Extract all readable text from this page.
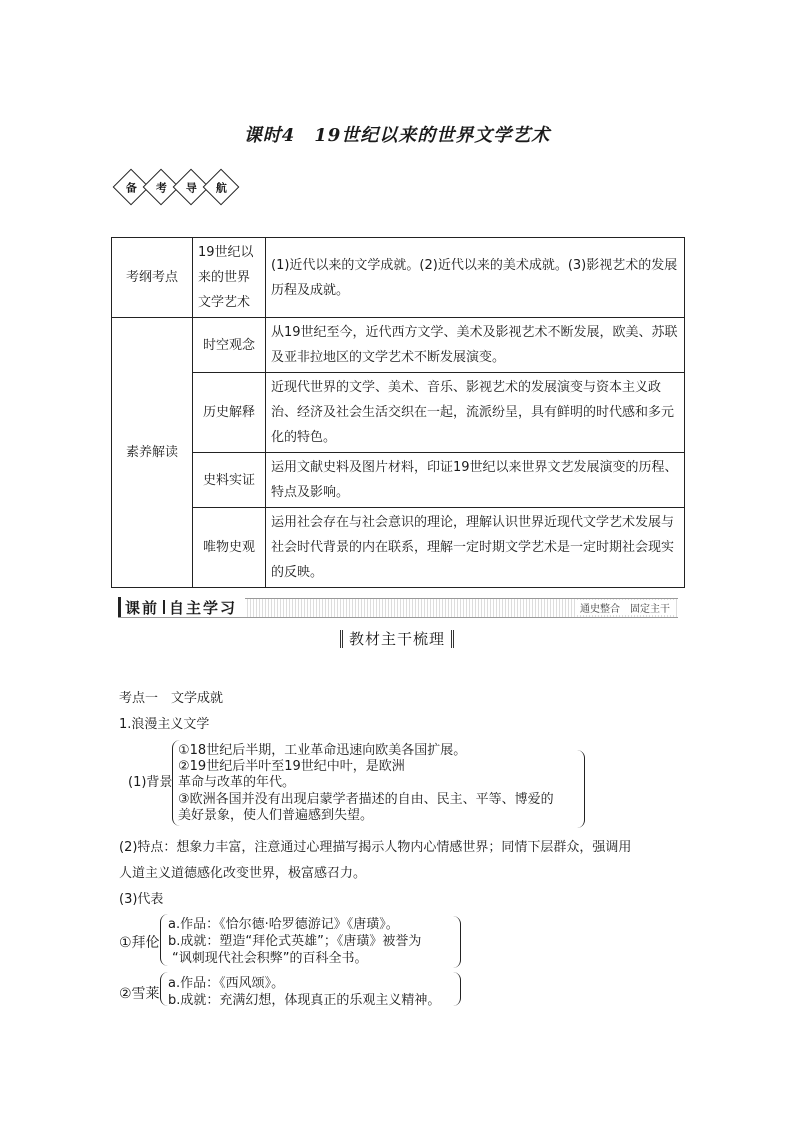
课时4　19世纪以来的世界文学艺术
备 考 导 航
考纲考点	19世纪以来的世界文学艺术	(1)近代以来的文学成就。(2)近代以来的美术成就。(3)影视艺术的发展历程及成就。
素养解读	时空观念	从19世纪至今，近代西方文学、美术及影视艺术不断发展，欧美、苏联及亚非拉地区的文学艺术不断发展演变。
	历史解释	近现代世界的文学、美术、音乐、影视艺术的发展演变与资本主义政治、经济及社会生活交织在一起，流派纷呈，具有鲜明的时代感和多元化的特色。
	史料实证	运用文献史料及图片材料，印证19世纪以来世界文艺发展演变的历程、特点及影响。
	唯物史观	运用社会存在与社会意识的理论，理解认识世界近现代文学艺术发展与社会时代背景的内在联系，理解一定时期文学艺术是一定时期社会现实的反映。
课前 自主学习	通史整合　固定主干
教材主干梳理
考点一　文学成就
1.浪漫主义文学
(1)背景
①18世纪后半期，工业革命迅速向欧美各国扩展。
②19世纪后半叶至19世纪中叶，是欧洲
革命与改革的年代。
③欧洲各国并没有出现启蒙学者描述的自由、民主、平等、博爱的
美好景象，使人们普遍感到失望。
(2)特点：想象力丰富，注意通过心理描写揭示人物内心情感世界；同情下层群众，强调用
人道主义道德感化改变世界，极富感召力。
(3)代表
①拜伦
a.作品：《恰尔德·哈罗德游记》《唐璜》。
b.成就：塑造“拜伦式英雄”；《唐璜》被誉为
“讽刺现代社会积弊”的百科全书。
②雪莱
a.作品：《西风颂》。
b.成就：充满幻想，体现真正的乐观主义精神。
